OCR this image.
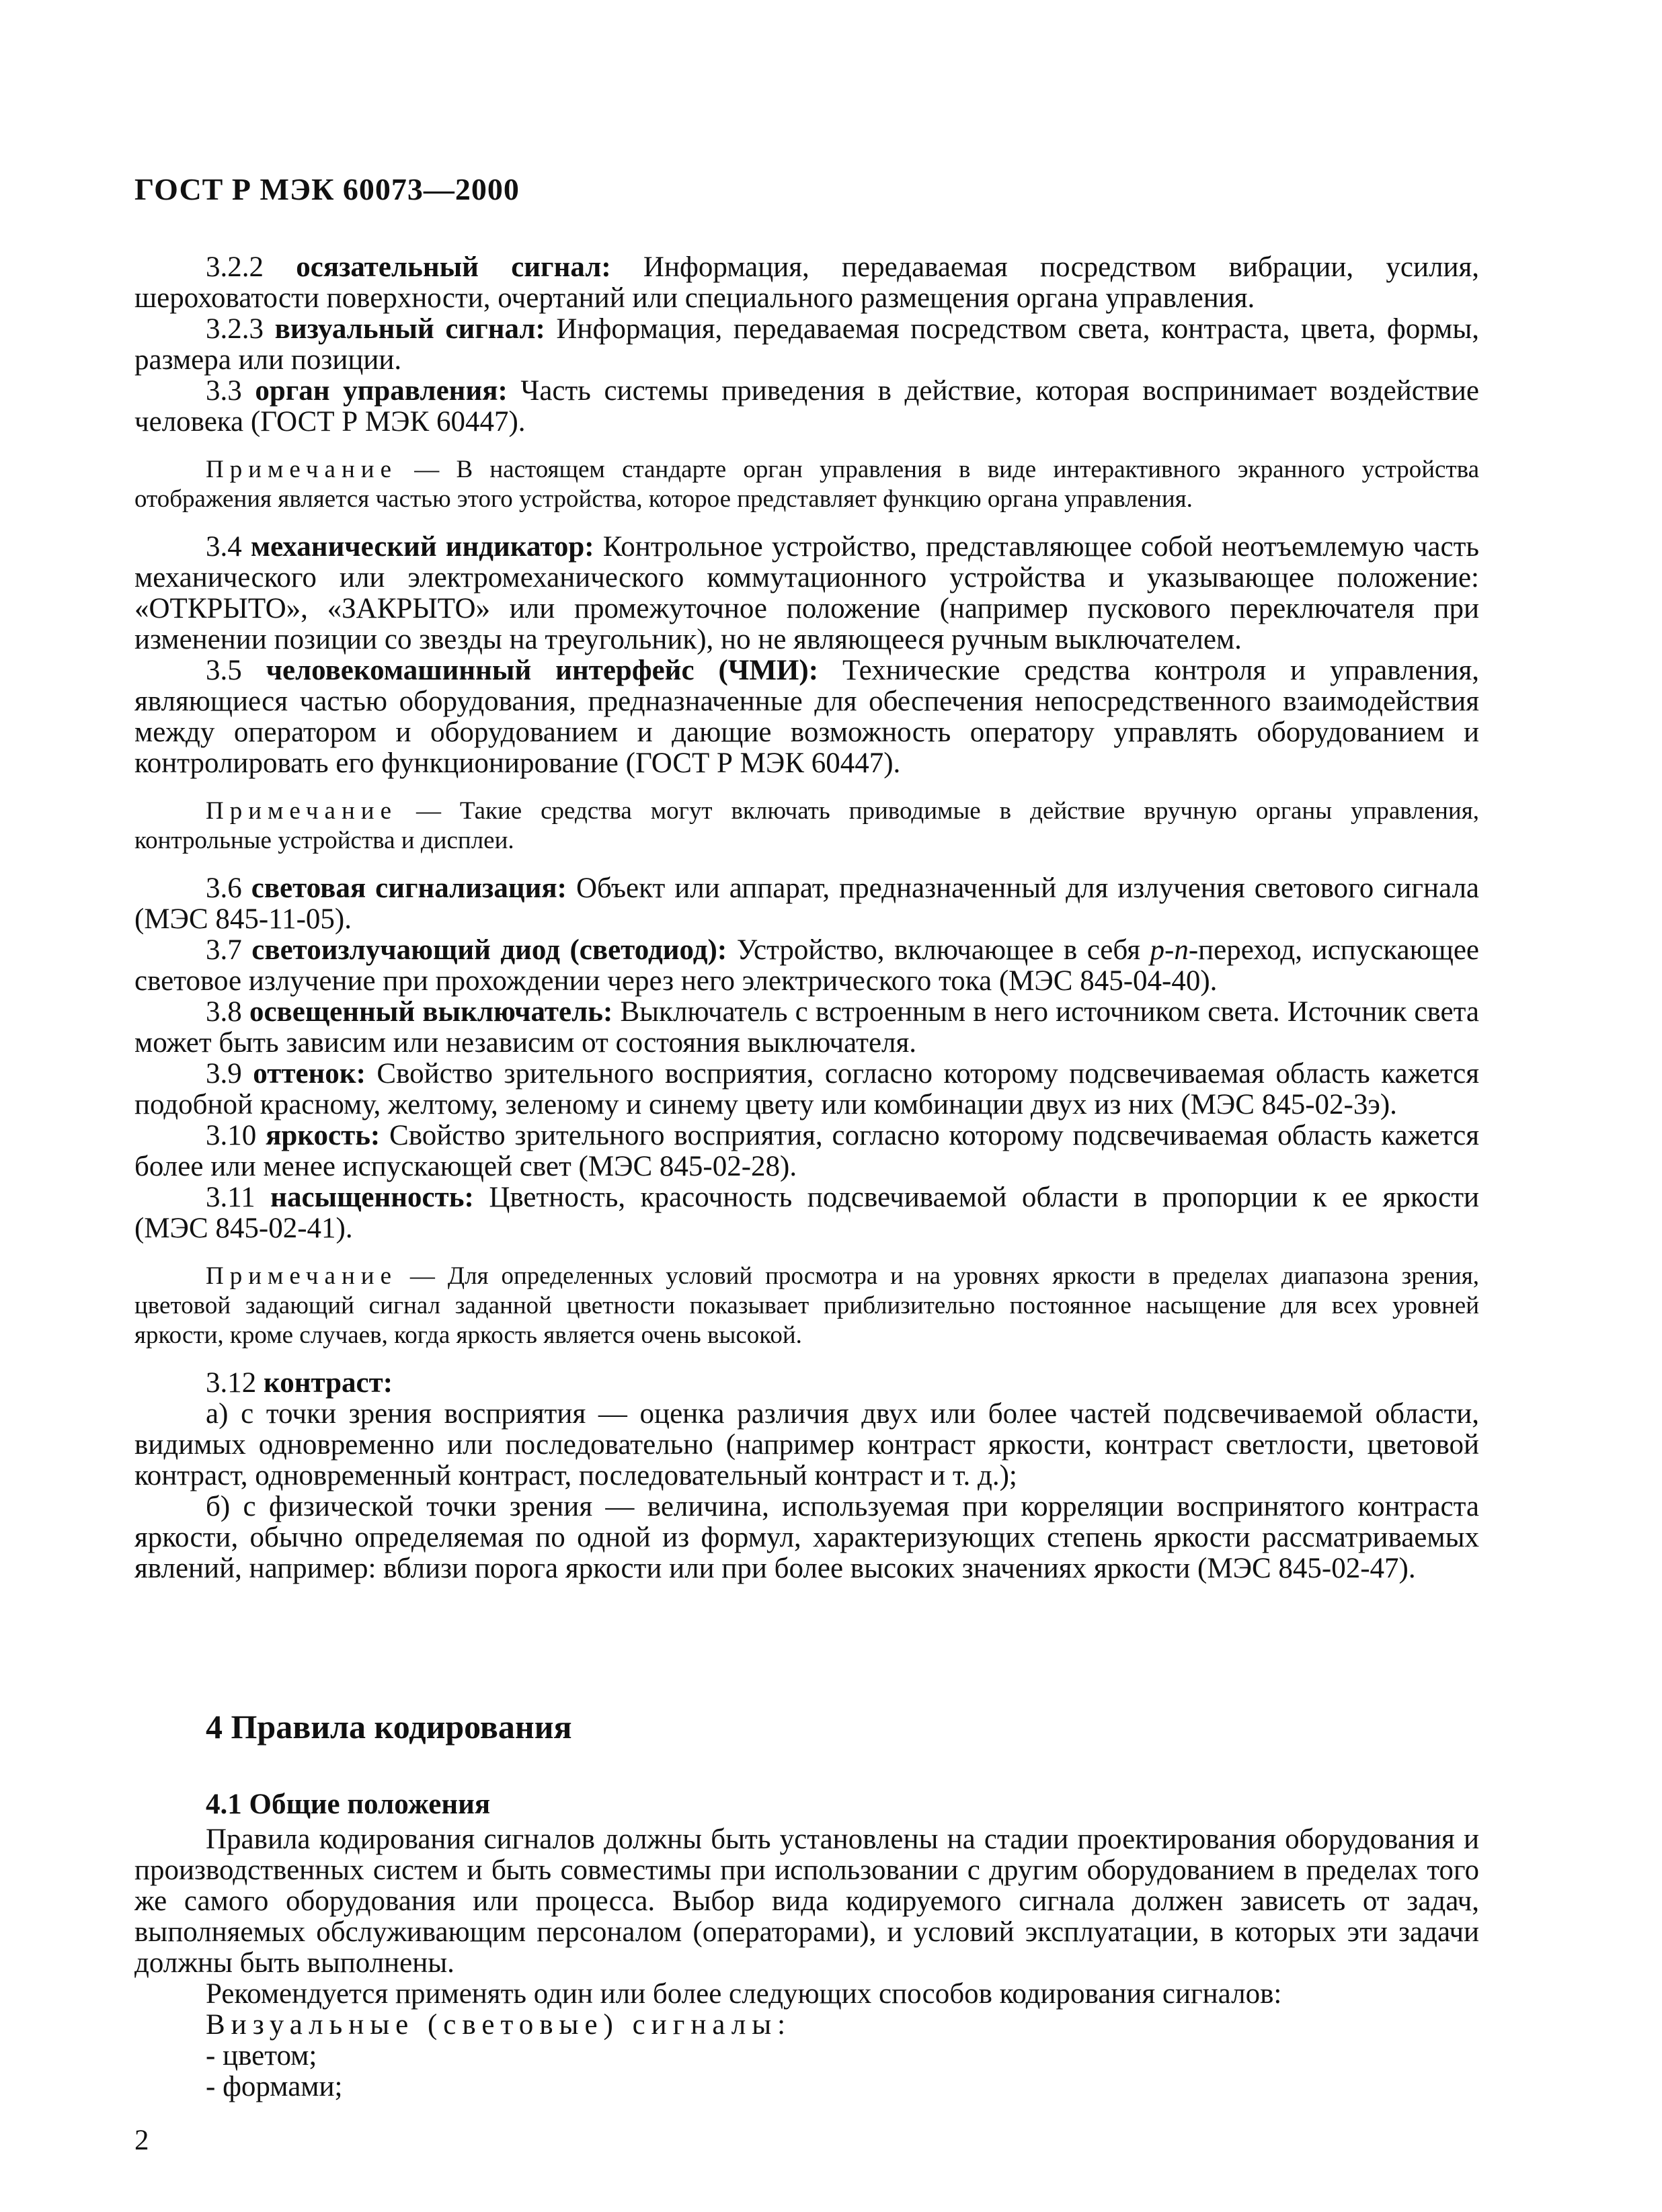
ГОСТ Р МЭК 60073—2000

3.2.2 осязательный сигнал: Информация, передаваемая посредством вибрации, усилия, шероховатости поверхности, очертаний или специального размещения органа управления.

3.2.3 визуальный сигнал: Информация, передаваемая посредством света, контраста, цвета, формы, размера или позиции.

3.3 орган управления: Часть системы приведения в действие, которая воспринимает воздействие человека (ГОСТ Р МЭК 60447).

Примечание — В настоящем стандарте орган управления в виде интерактивного экранного устройства отображения является частью этого устройства, которое представляет функцию органа управления.

3.4 механический индикатор: Контрольное устройство, представляющее собой неотъемлемую часть механического или электромеханического коммутационного устройства и указывающее положение: «ОТКРЫТО», «ЗАКРЫТО» или промежуточное положение (например пускового переключателя при изменении позиции со звезды на треугольник), но не являющееся ручным выключателем.

3.5 человекомашинный интерфейс (ЧМИ): Технические средства контроля и управления, являющиеся частью оборудования, предназначенные для обеспечения непосредственного взаимодействия между оператором и оборудованием и дающие возможность оператору управлять оборудованием и контролировать его функционирование (ГОСТ Р МЭК 60447).

Примечание — Такие средства могут включать приводимые в действие вручную органы управления, контрольные устройства и дисплеи.

3.6 световая сигнализация: Объект или аппарат, предназначенный для излучения светового сигнала (МЭС 845-11-05).

3.7 светоизлучающий диод (светодиод): Устройство, включающее в себя p-n-переход, испускающее световое излучение при прохождении через него электрического тока (МЭС 845-04-40).

3.8 освещенный выключатель: Выключатель с встроенным в него источником света. Источник света может быть зависим или независим от состояния выключателя.

3.9 оттенок: Свойство зрительного восприятия, согласно которому подсвечиваемая область кажется подобной красному, желтому, зеленому и синему цвету или комбинации двух из них (МЭС 845-02-3э).

3.10 яркость: Свойство зрительного восприятия, согласно которому подсвечиваемая область кажется более или менее испускающей свет (МЭС 845-02-28).

3.11 насыщенность: Цветность, красочность подсвечиваемой области в пропорции к ее яркости (МЭС 845-02-41).

Примечание — Для определенных условий просмотра и на уровнях яркости в пределах диапазона зрения, цветовой задающий сигнал заданной цветности показывает приблизительно постоянное насыщение для всех уровней яркости, кроме случаев, когда яркость является очень высокой.

3.12 контраст:

а) с точки зрения восприятия — оценка различия двух или более частей подсвечиваемой области, видимых одновременно или последовательно (например контраст яркости, контраст светлости, цветовой контраст, одновременный контраст, последовательный контраст и т. д.);

б) с физической точки зрения — величина, используемая при корреляции воспринятого контраста яркости, обычно определяемая по одной из формул, характеризующих степень яркости рассматриваемых явлений, например: вблизи порога яркости или при более высоких значениях яркости (МЭС 845-02-47).

4 Правила кодирования
4.1 Общие положения

Правила кодирования сигналов должны быть установлены на стадии проектирования оборудования и производственных систем и быть совместимы при использовании с другим оборудованием в пределах того же самого оборудования или процесса. Выбор вида кодируемого сигнала должен зависеть от задач, выполняемых обслуживающим персоналом (операторами), и условий эксплуатации, в которых эти задачи должны быть выполнены.

Рекомендуется применять один или более следующих способов кодирования сигналов:

Визуальные (световые) сигналы:

- цветом;

- формами;

2
